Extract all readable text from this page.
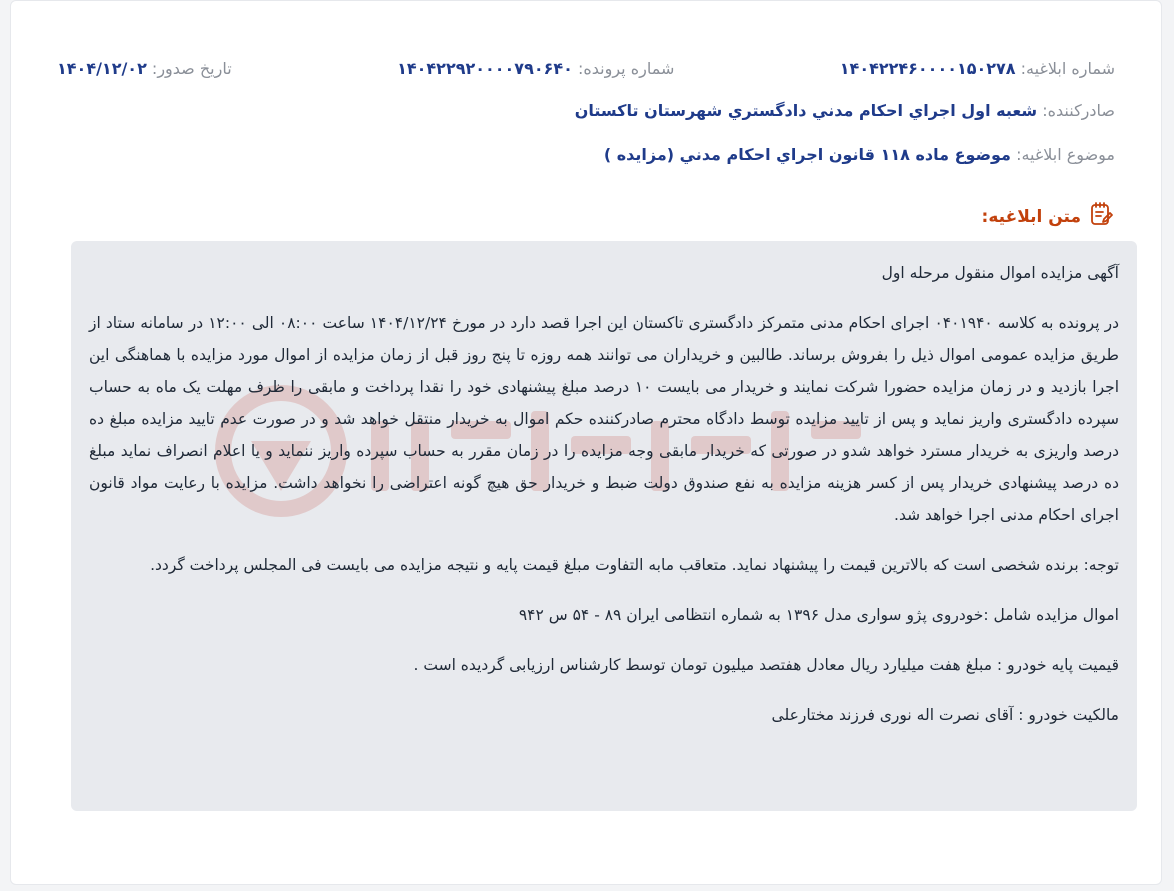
شماره ابلاغیه: ۱۴۰۴۲۲۴۶۰۰۰۰۱۵۰۲۷۸
شماره پرونده: ۱۴۰۴۲۲۹۲۰۰۰۰۷۹۰۶۴۰
تاریخ صدور: ۱۴۰۴/۱۲/۰۲
صادرکننده: شعبه اول اجراي احكام مدني دادگستري شهرستان تاكستان
موضوع ابلاغیه: موضوع ماده ۱۱۸ قانون اجراي احكام مدني (مزايده )
متن ابلاغیه:

آگهی مزایده اموال منقول مرحله اول

در پرونده به کلاسه ۰۴۰۱۹۴۰ اجرای احکام مدنی متمرکز دادگستری تاکستان این اجرا قصد دارد در مورخ ۱۴۰۴/۱۲/۲۴ ساعت ۰۸:۰۰ الی ۱۲:۰۰ در سامانه ستاد از طریق مزایده عمومی اموال ذیل را بفروش برساند. طالبین و خریداران می توانند همه روزه تا پنج روز قبل از زمان مزایده از اموال مورد مزایده با هماهنگی این اجرا بازدید و در زمان مزایده حضورا شرکت نمایند و خریدار می بایست ۱۰ درصد مبلغ پیشنهادی خود را نقدا پرداخت و مابقی را ظرف مهلت یک ماه به حساب سپرده دادگستری واریز نماید و پس از تایید مزایده توسط دادگاه محترم صادرکننده حکم اموال به خریدار منتقل خواهد شد و در صورت عدم تایید مزایده مبلغ ده درصد واریزی به خریدار مسترد خواهد شدو در صورتی که خریدار مابقی وجه مزایده را در زمان مقرر به حساب سپرده واریز ننماید و یا اعلام انصراف نماید مبلغ ده درصد پیشنهادی خریدار پس از کسر هزینه مزایده به نفع صندوق دولت ضبط و خریدار حق هیچ گونه اعتراضی را نخواهد داشت. مزایده با رعایت مواد قانون اجرای احکام مدنی اجرا خواهد شد.

توجه: برنده شخصی است که بالاترین قیمت را پیشنهاد نماید. متعاقب مابه التفاوت مبلغ قیمت پایه و نتیجه مزایده می بایست فی المجلس پرداخت گردد.

اموال مزایده شامل :خودروی پژو سواری مدل ۱۳۹۶ به شماره انتظامی ایران ۸۹ - ۵۴ س ۹۴۲

قیمیت پایه خودرو : مبلغ هفت میلیارد ریال معادل هفتصد میلیون تومان توسط کارشناس ارزیابی گردیده است .

مالکیت خودرو : آقای نصرت اله نوری فرزند مختارعلی
